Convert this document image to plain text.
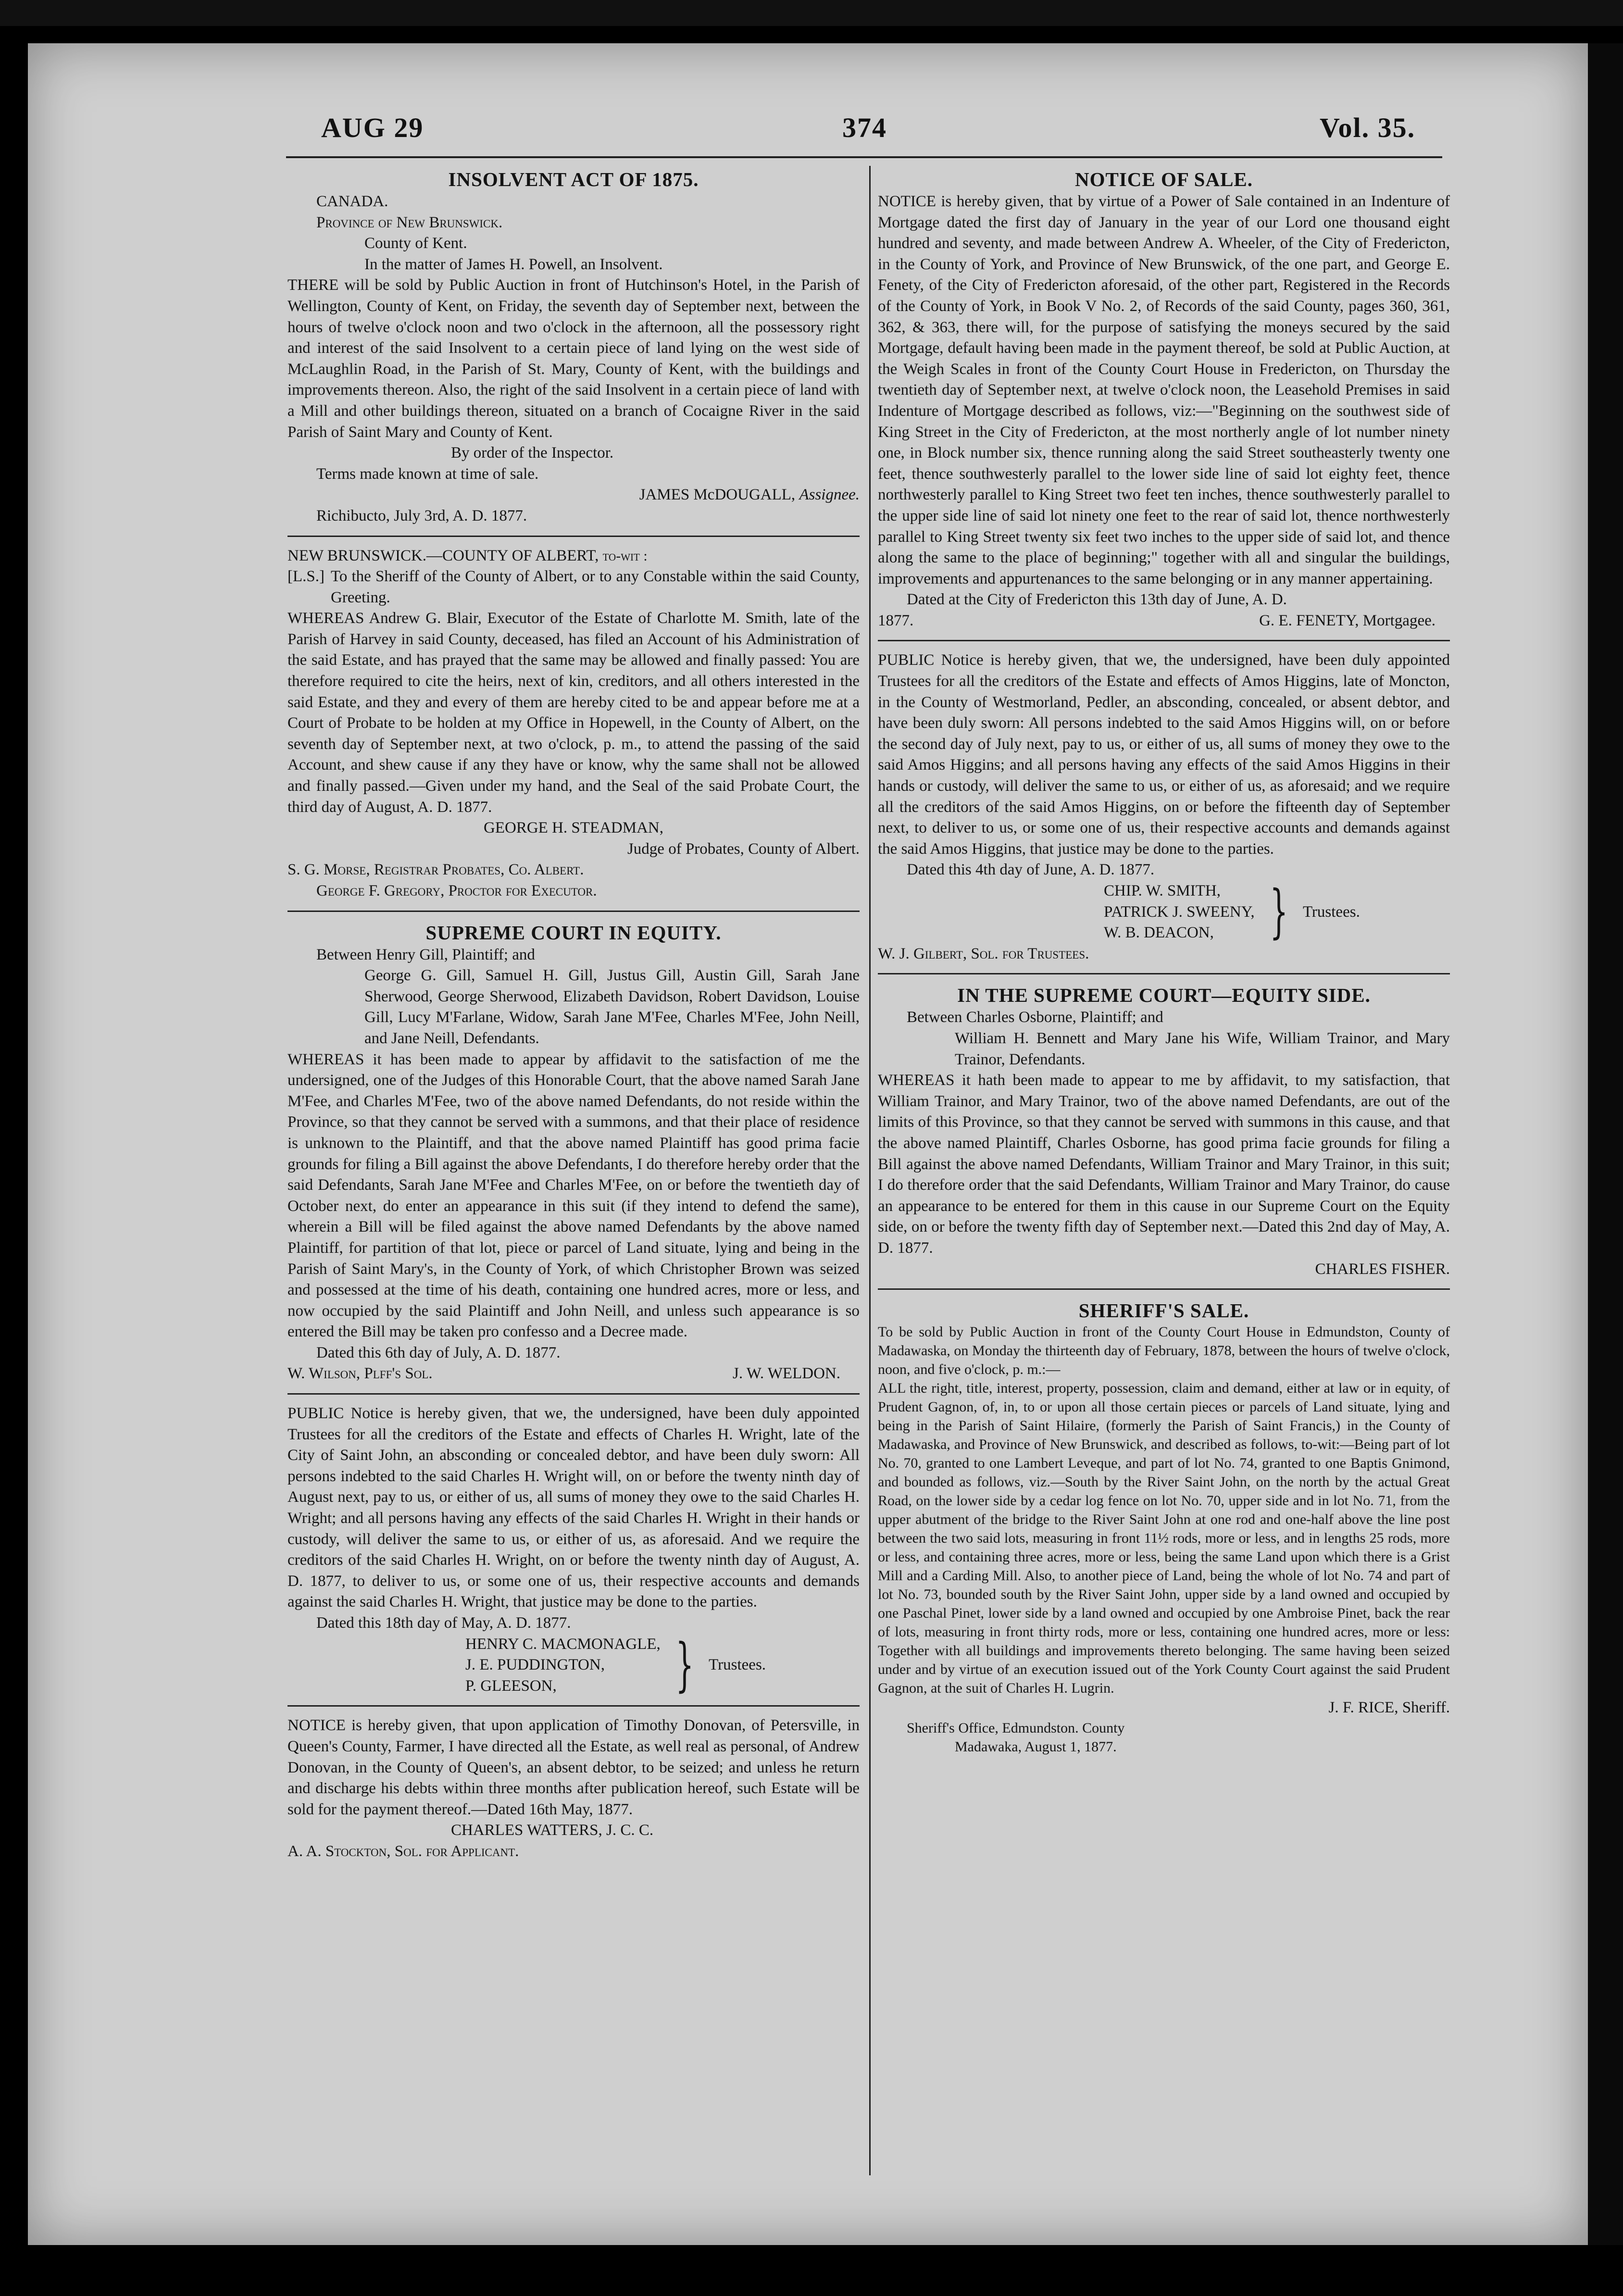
AUG 29	374	Vol. 35.

INSOLVENT ACT OF 1875.

CANADA.

Province of New Brunswick.

County of Kent.

In the matter of James H. Powell, an Insolvent.

THERE will be sold by Public Auction in front of Hutchinson's Hotel, in the Parish of Wellington, County of Kent, on Friday, the seventh day of September next, between the hours of twelve o'clock noon and two o'clock in the afternoon, all the possessory right and interest of the said Insolvent to a certain piece of land lying on the west side of McLaughlin Road, in the Parish of St. Mary, County of Kent, with the buildings and improvements thereon. Also, the right of the said Insolvent in a certain piece of land with a Mill and other buildings thereon, situated on a branch of Cocaigne River in the said Parish of Saint Mary and County of Kent.

By order of the Inspector.

Terms made known at time of sale.

JAMES McDOUGALL, Assignee.

Richibucto, July 3rd, A. D. 1877.

NEW BRUNSWICK.—COUNTY OF ALBERT, to-wit :

[L.S.] To the Sheriff of the County of Albert, or to any Constable within the said County, Greeting.

WHEREAS Andrew G. Blair, Executor of the Estate of Charlotte M. Smith, late of the Parish of Harvey in said County, deceased, has filed an Account of his Administration of the said Estate, and has prayed that the same may be allowed and finally passed: You are therefore required to cite the heirs, next of kin, creditors, and all others interested in the said Estate, and they and every of them are hereby cited to be and appear before me at a Court of Probate to be holden at my Office in Hopewell, in the County of Albert, on the seventh day of September next, at two o'clock, p. m., to attend the passing of the said Account, and shew cause if any they have or know, why the same shall not be allowed and finally passed.—Given under my hand, and the Seal of the said Probate Court, the third day of August, A. D. 1877.

GEORGE H. STEADMAN,

Judge of Probates, County of Albert.

S. G. Morse, Registrar Probates, Co. Albert.

George F. Gregory, Proctor for Executor.

SUPREME COURT IN EQUITY.

Between Henry Gill, Plaintiff; and

George G. Gill, Samuel H. Gill, Justus Gill, Austin Gill, Sarah Jane Sherwood, George Sherwood, Elizabeth Davidson, Robert Davidson, Louise Gill, Lucy M'Farlane, Widow, Sarah Jane M'Fee, Charles M'Fee, John Neill, and Jane Neill, Defendants.

WHEREAS it has been made to appear by affidavit to the satisfaction of me the undersigned, one of the Judges of this Honorable Court, that the above named Sarah Jane M'Fee, and Charles M'Fee, two of the above named Defendants, do not reside within the Province, so that they cannot be served with a summons, and that their place of residence is unknown to the Plaintiff, and that the above named Plaintiff has good prima facie grounds for filing a Bill against the above Defendants, I do therefore hereby order that the said Defendants, Sarah Jane M'Fee and Charles M'Fee, on or before the twentieth day of October next, do enter an appearance in this suit (if they intend to defend the same), wherein a Bill will be filed against the above named Defendants by the above named Plaintiff, for partition of that lot, piece or parcel of Land situate, lying and being in the Parish of Saint Mary's, in the County of York, of which Christopher Brown was seized and possessed at the time of his death, containing one hundred acres, more or less, and now occupied by the said Plaintiff and John Neill, and unless such appearance is so entered the Bill may be taken pro confesso and a Decree made.

Dated this 6th day of July, A. D. 1877.

W. Wilson, Plff's Sol.	J. W. WELDON.

PUBLIC Notice is hereby given, that we, the undersigned, have been duly appointed Trustees for all the creditors of the Estate and effects of Charles H. Wright, late of the City of Saint John, an absconding or concealed debtor, and have been duly sworn: All persons indebted to the said Charles H. Wright will, on or before the twenty ninth day of August next, pay to us, or either of us, all sums of money they owe to the said Charles H. Wright; and all persons having any effects of the said Charles H. Wright in their hands or custody, will deliver the same to us, or either of us, as aforesaid. And we require the creditors of the said Charles H. Wright, on or before the twenty ninth day of August, A. D. 1877, to deliver to us, or some one of us, their respective accounts and demands against the said Charles H. Wright, that justice may be done to the parties.

Dated this 18th day of May, A. D. 1877.

HENRY C. MACMONAGLE,
J. E. PUDDINGTON,
P. GLEESON,	} Trustees.

NOTICE is hereby given, that upon application of Timothy Donovan, of Petersville, in Queen's County, Farmer, I have directed all the Estate, as well real as personal, of Andrew Donovan, in the County of Queen's, an absent debtor, to be seized; and unless he return and discharge his debts within three months after publication hereof, such Estate will be sold for the payment thereof.—Dated 16th May, 1877.

CHARLES WATTERS, J. C. C.

A. A. Stockton, Sol. for Applicant.

NOTICE OF SALE.

NOTICE is hereby given, that by virtue of a Power of Sale contained in an Indenture of Mortgage dated the first day of January in the year of our Lord one thousand eight hundred and seventy, and made between Andrew A. Wheeler, of the City of Fredericton, in the County of York, and Province of New Brunswick, of the one part, and George E. Fenety, of the City of Fredericton aforesaid, of the other part, Registered in the Records of the County of York, in Book V No. 2, of Records of the said County, pages 360, 361, 362, & 363, there will, for the purpose of satisfying the moneys secured by the said Mortgage, default having been made in the payment thereof, be sold at Public Auction, at the Weigh Scales in front of the County Court House in Fredericton, on Thursday the twentieth day of September next, at twelve o'clock noon, the Leasehold Premises in said Indenture of Mortgage described as follows, viz:—"Beginning on the southwest side of King Street in the City of Fredericton, at the most northerly angle of lot number ninety one, in Block number six, thence running along the said Street southeasterly twenty one feet, thence southwesterly parallel to the lower side line of said lot eighty feet, thence northwesterly parallel to King Street two feet ten inches, thence southwesterly parallel to the upper side line of said lot ninety one feet to the rear of said lot, thence northwesterly parallel to King Street twenty six feet two inches to the upper side of said lot, and thence along the same to the place of beginning;" together with all and singular the buildings, improvements and appurtenances to the same belonging or in any manner appertaining.

Dated at the City of Fredericton this 13th day of June, A. D.

1877.	G. E. FENETY, Mortgagee.

PUBLIC Notice is hereby given, that we, the undersigned, have been duly appointed Trustees for all the creditors of the Estate and effects of Amos Higgins, late of Moncton, in the County of Westmorland, Pedler, an absconding, concealed, or absent debtor, and have been duly sworn: All persons indebted to the said Amos Higgins will, on or before the second day of July next, pay to us, or either of us, all sums of money they owe to the said Amos Higgins; and all persons having any effects of the said Amos Higgins in their hands or custody, will deliver the same to us, or either of us, as aforesaid; and we require all the creditors of the said Amos Higgins, on or before the fifteenth day of September next, to deliver to us, or some one of us, their respective accounts and demands against the said Amos Higgins, that justice may be done to the parties.

Dated this 4th day of June, A. D. 1877.

CHIP. W. SMITH,
PATRICK J. SWEENY,
W. B. DEACON, } Trustees.

W. J. Gilbert, Sol. for Trustees.

IN THE SUPREME COURT—EQUITY SIDE.

Between Charles Osborne, Plaintiff; and

William H. Bennett and Mary Jane his Wife, William Trainor, and Mary Trainor, Defendants.

WHEREAS it hath been made to appear to me by affidavit, to my satisfaction, that William Trainor, and Mary Trainor, two of the above named Defendants, are out of the limits of this Province, so that they cannot be served with summons in this cause, and that the above named Plaintiff, Charles Osborne, has good prima facie grounds for filing a Bill against the above named Defendants, William Trainor and Mary Trainor, in this suit; I do therefore order that the said Defendants, William Trainor and Mary Trainor, do cause an appearance to be entered for them in this cause in our Supreme Court on the Equity side, on or before the twenty fifth day of September next.—Dated this 2nd day of May, A. D. 1877.

CHARLES FISHER.

SHERIFF'S SALE.

To be sold by Public Auction in front of the County Court House in Edmundston, County of Madawaska, on Monday the thirteenth day of February, 1878, between the hours of twelve o'clock, noon, and five o'clock, p. m.:—

ALL the right, title, interest, property, possession, claim and demand, either at law or in equity, of Prudent Gagnon, of, in, to or upon all those certain pieces or parcels of Land situate, lying and being in the Parish of Saint Hilaire, (formerly the Parish of Saint Francis,) in the County of Madawaska, and Province of New Brunswick, and described as follows, to-wit:—Being part of lot No. 70, granted to one Lambert Leveque, and part of lot No. 74, granted to one Baptis Gnimond, and bounded as follows, viz.—South by the River Saint John, on the north by the actual Great Road, on the lower side by a cedar log fence on lot No. 70, upper side and in lot No. 71, from the upper abutment of the bridge to the River Saint John at one rod and one-half above the line post between the two said lots, measuring in front 11½ rods, more or less, and in lengths 25 rods, more or less, and containing three acres, more or less, being the same Land upon which there is a Grist Mill and a Carding Mill. Also, to another piece of Land, being the whole of lot No. 74 and part of lot No. 73, bounded south by the River Saint John, upper side by a land owned and occupied by one Paschal Pinet, lower side by a land owned and occupied by one Ambroise Pinet, back the rear of lots, measuring in front thirty rods, more or less, containing one hundred acres, more or less: Together with all buildings and improvements thereto belonging. The same having been seized under and by virtue of an execution issued out of the York County Court against the said Prudent Gagnon, at the suit of Charles H. Lugrin.

J. F. RICE, Sheriff.

Sheriff's Office, Edmundston. County

Madawaka, August 1, 1877.
